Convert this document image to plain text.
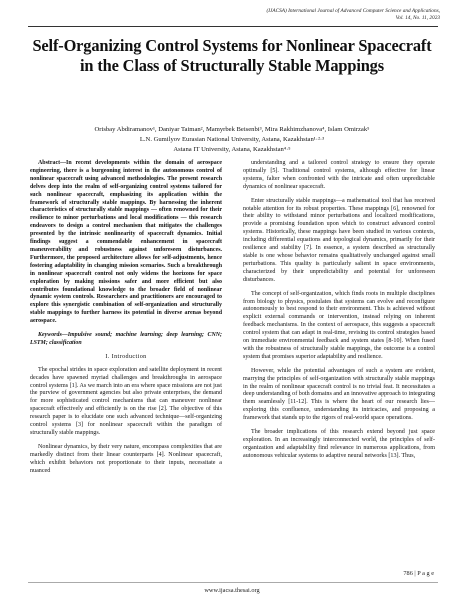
(IJACSA) International Journal of Advanced Computer Science and Applications,
Vol. 14, No. 11, 2023
Self-Organizing Control Systems for Nonlinear Spacecraft in the Class of Structurally Stable Mappings
Orisbay Abdiramanov¹, Daniyar Taiman², Mamyrbek Beisenbi³, Mira Rakhimzhanova⁴, Islam Omirzak⁵
L.N. Gumilyov Eurasian National University, Astana, Kazakhstan¹·²·³
Astana IT University, Astana, Kazakhstan⁴·⁵

Abstract—In recent developments within the domain of aerospace engineering, there is a burgeoning interest in the autonomous control of nonlinear spacecraft using advanced methodologies. The present research delves deep into the realm of self-organizing control systems tailored for such nonlinear spacecraft, emphasizing its application within the framework of structurally stable mappings. By harnessing the inherent characteristics of structurally stable mappings — often renowned for their resilience to minor perturbations and local modifications — this research endeavors to design a control mechanism that mitigates the challenges presented by the intrinsic nonlinearity of spacecraft dynamics. Initial findings suggest a commendable enhancement in spacecraft maneuverability and robustness against unforeseen disturbances. Furthermore, the proposed architecture allows for self-adjustments, hence fostering adaptability in changing mission scenarios. Such a breakthrough in nonlinear spacecraft control not only widens the horizons for space exploration by making missions safer and more efficient but also contributes foundational knowledge to the broader field of nonlinear dynamic system controls. Researchers and practitioners are encouraged to explore this synergistic combination of self-organization and structurally stable mappings to further harness its potential in diverse arenas beyond aerospace.

Keywords—Impulsive sound; machine learning; deep learning; CNN; LSTM; classification

I. Introduction

The epochal strides in space exploration and satellite deployment in recent decades have spawned myriad challenges and breakthroughs in aerospace control systems [1]. As we march into an era where space missions are not just the purview of government agencies but also private enterprises, the demand for more sophisticated control mechanisms that can maneuver nonlinear spacecraft effectively and efficiently is on the rise [2]. The objective of this research paper is to elucidate one such advanced technique—self-organizing control systems [3] for nonlinear spacecraft within the paradigm of structurally stable mappings.

Nonlinear dynamics, by their very nature, encompass complexities that are markedly distinct from their linear counterparts [4]. Nonlinear spacecraft, which exhibit behaviors not proportionate to their inputs, necessitate a nuanced

understanding and a tailored control strategy to ensure they operate optimally [5]. Traditional control systems, although effective for linear systems, falter when confronted with the intricate and often unpredictable dynamics of nonlinear spacecraft.

Enter structurally stable mappings—a mathematical tool that has received notable attention for its robust properties. These mappings [6], renowned for their ability to withstand minor perturbations and localized modifications, provide a promising foundation upon which to construct advanced control systems. Historically, these mappings have been studied in various contexts, including differential equations and topological dynamics, primarily for their resilience and stability [7]. In essence, a system described as structurally stable is one whose behavior remains qualitatively unchanged against small perturbations. This quality is particularly salient in space environments, characterized by their unpredictability and potential for unforeseen disturbances.

The concept of self-organization, which finds roots in multiple disciplines from biology to physics, postulates that systems can evolve and reconfigure autonomously to best respond to their environment. This is achieved without explicit external commands or intervention, instead relying on inherent feedback mechanisms. In the context of aerospace, this suggests a spacecraft control system that can adapt in real-time, revising its control strategies based on immediate environmental feedback and system states [8-10]. When fused with the robustness of structurally stable mappings, the outcome is a control system that promises superior adaptability and resilience.

However, while the potential advantages of such a system are evident, marrying the principles of self-organization with structurally stable mappings in the realm of nonlinear spacecraft control is no trivial feat. It necessitates a deep understanding of both domains and an innovative approach to integrating them seamlessly [11-12]. This is where the heart of our research lies—exploring this confluence, understanding its intricacies, and proposing a framework that stands up to the rigors of real-world space operations.

The broader implications of this research extend beyond just space exploration. In an increasingly interconnected world, the principles of self-organization and adaptability find relevance in numerous applications, from autonomous vehicular systems to adaptive neural networks [13]. Thus,

786 | P a g e
www.ijacsa.thesai.org
